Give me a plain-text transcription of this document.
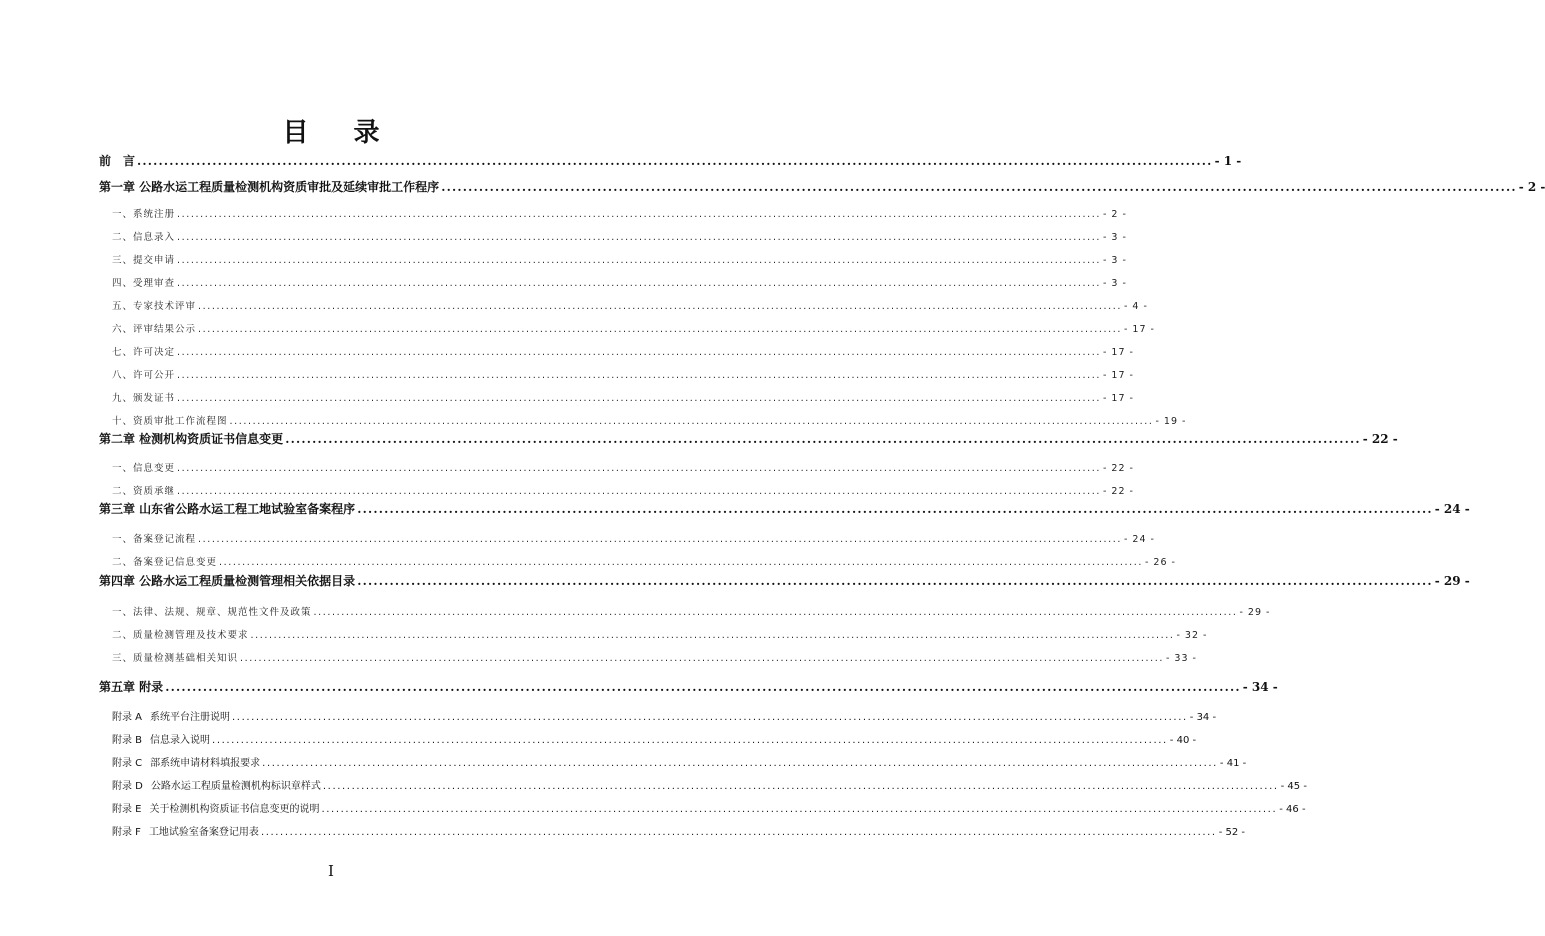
目 录
前　言 ........................................................................................................................................................................................................ - 1 -
第一章 公路水运工程质量检测机构资质审批及延续审批工作程序 ........................................................................................................................................................................................................ - 2 -
一、系统注册 ........................................................................................................................................................................................................ - 2 -
二、信息录入 ........................................................................................................................................................................................................ - 3 -
三、提交申请 ........................................................................................................................................................................................................ - 3 -
四、受理审查 ........................................................................................................................................................................................................ - 3 -
五、专家技术评审 ........................................................................................................................................................................................................ - 4 -
六、评审结果公示 ........................................................................................................................................................................................................ - 17 -
七、许可决定 ........................................................................................................................................................................................................ - 17 -
八、许可公开 ........................................................................................................................................................................................................ - 17 -
九、颁发证书 ........................................................................................................................................................................................................ - 17 -
十、资质审批工作流程图 ........................................................................................................................................................................................................ - 19 -
第二章 检测机构资质证书信息变更 ........................................................................................................................................................................................................ - 22 -
一、信息变更 ........................................................................................................................................................................................................ - 22 -
二、资质承继 ........................................................................................................................................................................................................ - 22 -
第三章 山东省公路水运工程工地试验室备案程序 ........................................................................................................................................................................................................ - 24 -
一、备案登记流程 ........................................................................................................................................................................................................ - 24 -
二、备案登记信息变更 ........................................................................................................................................................................................................ - 26 -
第四章 公路水运工程质量检测管理相关依据目录 ........................................................................................................................................................................................................ - 29 -
一、法律、法规、规章、规范性文件及政策 ........................................................................................................................................................................................................ - 29 -
二、质量检测管理及技术要求 ........................................................................................................................................................................................................ - 32 -
三、质量检测基础相关知识 ........................................................................................................................................................................................................ - 33 -
第五章 附录 ........................................................................................................................................................................................................ - 34 -
附录 A 系统平台注册说明 ........................................................................................................................................................................................................ - 34 -
附录 B 信息录入说明 ........................................................................................................................................................................................................ - 40 -
附录 C 部系统申请材料填报要求 ........................................................................................................................................................................................................ - 41 -
附录 D 公路水运工程质量检测机构标识章样式 ........................................................................................................................................................................................................ - 45 -
附录 E 关于检测机构资质证书信息变更的说明 ........................................................................................................................................................................................................ - 46 -
附录 F 工地试验室备案登记用表 ........................................................................................................................................................................................................ - 52 -
I
